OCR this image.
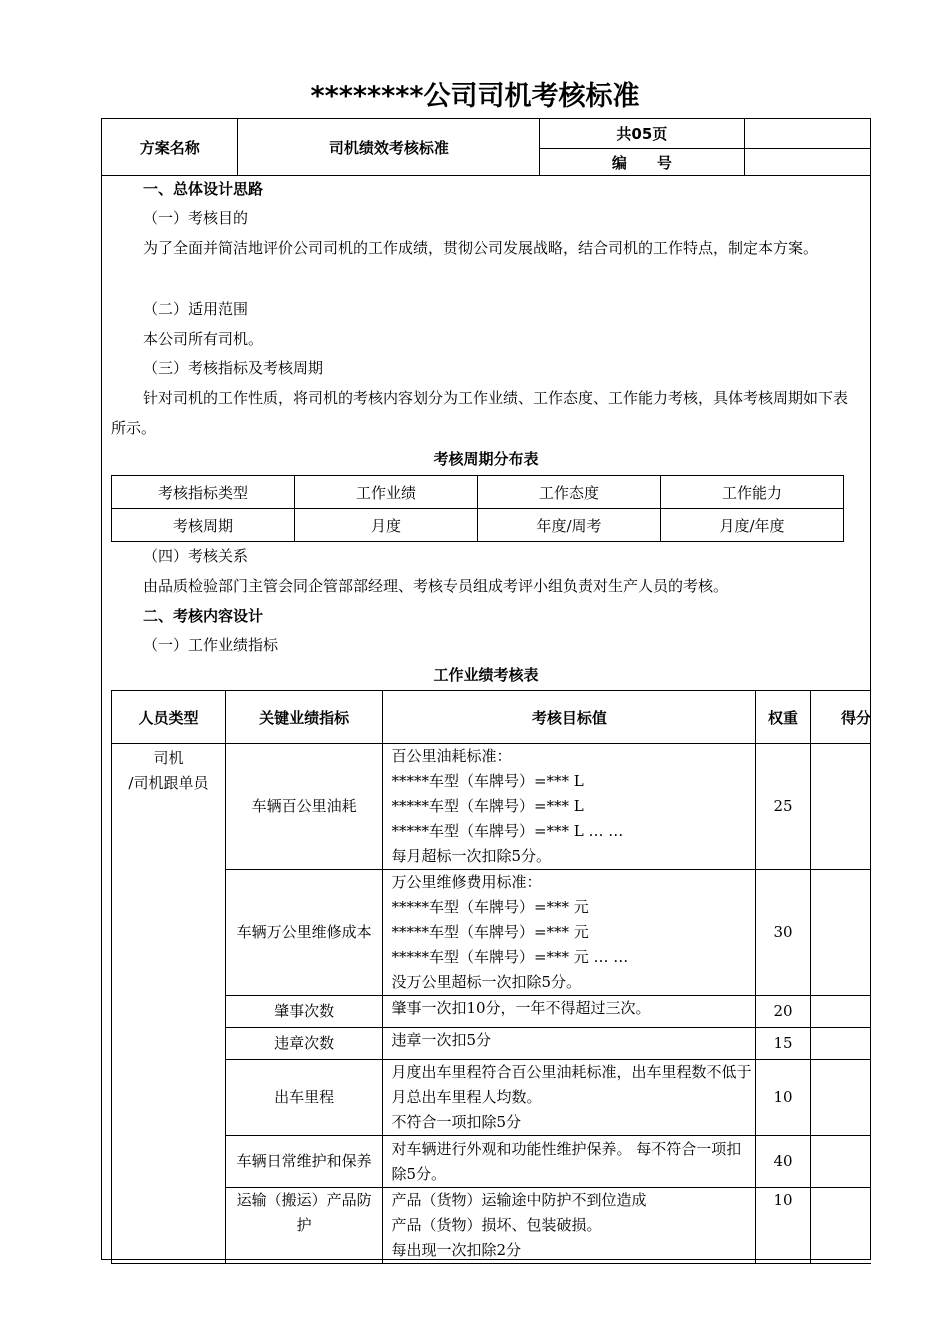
********公司司机考核标准
方案名称	司机绩效考核标准	共05页	
		编　　号	
一、总体设计思路
（一）考核目的
为了全面并简洁地评价公司司机的工作成绩，贯彻公司发展战略，结合司机的工作特点，制定本方案。
（二）适用范围
本公司所有司机。
（三）考核指标及考核周期
针对司机的工作性质，将司机的考核内容划分为工作业绩、工作态度、工作能力考核，具体考核周期如下表所示。
考核周期分布表
考核指标类型	工作业绩	工作态度	工作能力
考核周期	月度	年度/周考	月度/年度
（四）考核关系
由品质检验部门主管会同企管部部经理、考核专员组成考评小组负责对生产人员的考核。
二、考核内容设计
（一）工作业绩指标
工作业绩考核表
人员类型	关键业绩指标	考核目标值	权重	得分
司机
/司机跟单员	车辆百公里油耗	百公里油耗标准：
*****车型（车牌号）=*** L
*****车型（车牌号）=*** L
*****车型（车牌号）=*** L … …
每月超标一次扣除5分。	25	
	车辆万公里维修成本	万公里维修费用标准：
*****车型（车牌号）=*** 元
*****车型（车牌号）=*** 元
*****车型（车牌号）=*** 元 … …
没万公里超标一次扣除5分。	30	
	肇事次数	肇事一次扣10分，一年不得超过三次。	20	
	违章次数	违章一次扣5分	15	
	出车里程	月度出车里程符合百公里油耗标准，出车里程数不低于月总出车里程人均数。
不符合一项扣除5分	10	
	车辆日常维护和保养	对车辆进行外观和功能性维护保养。 每不符合一项扣除5分。	40	
	运输（搬运）产品防护	产品（货物）运输途中防护不到位造成
产品（货物）损坏、包装破损。
每出现一次扣除2分	10	
